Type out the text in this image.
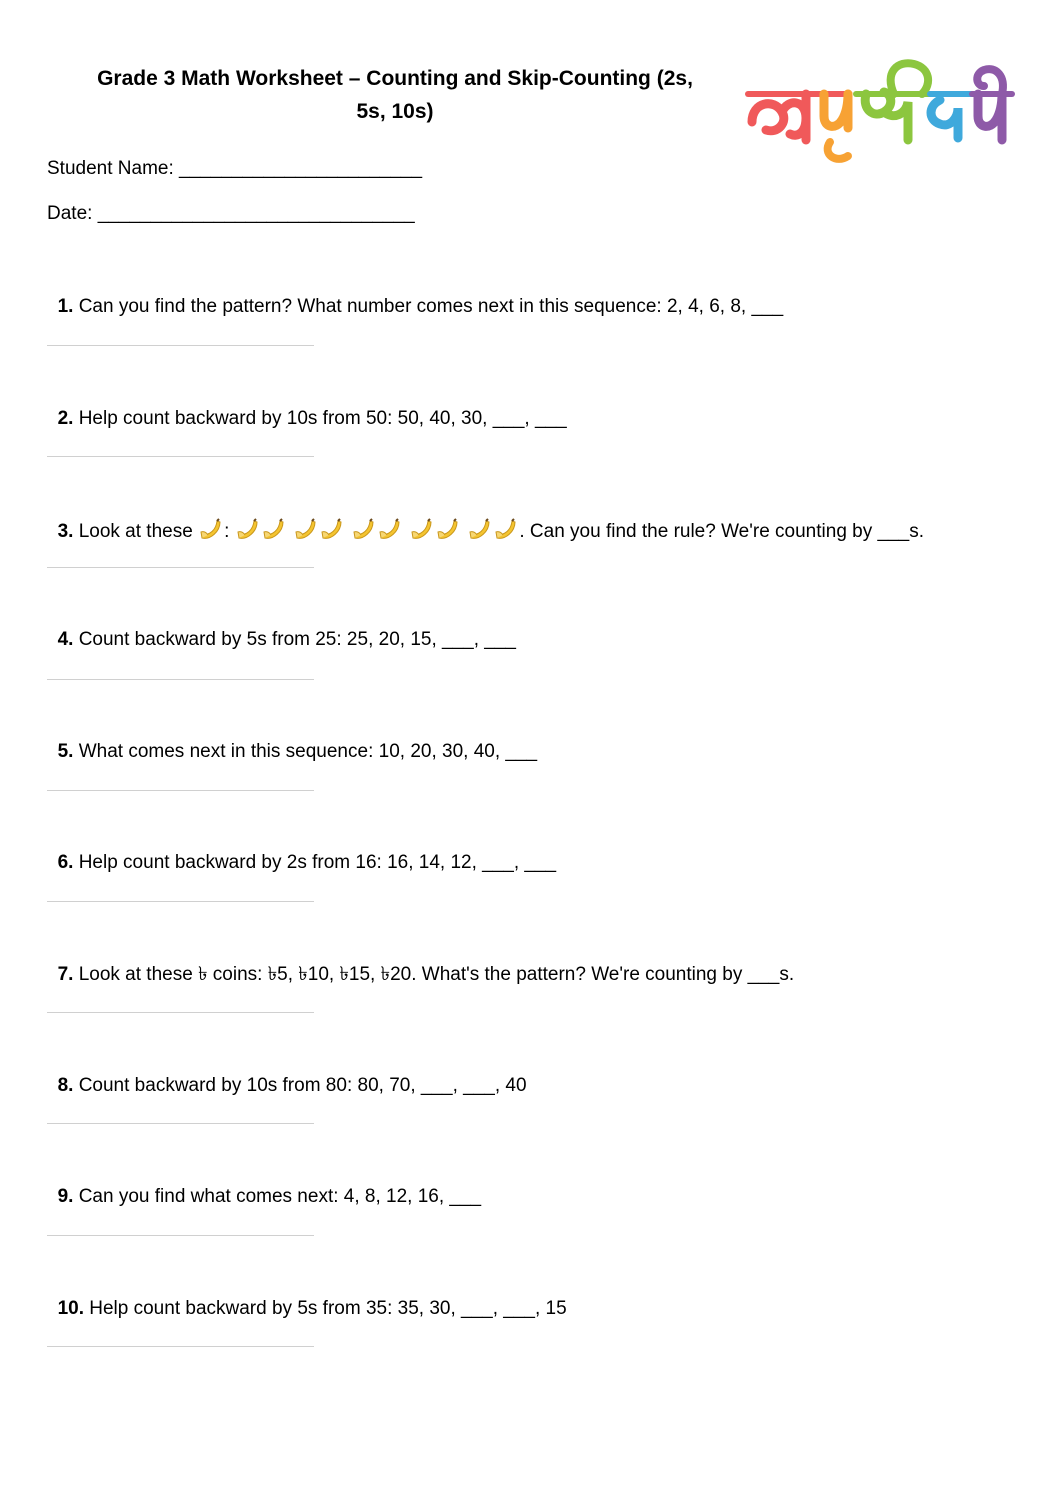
Grade 3 Math Worksheet – Counting and Skip-Counting (2s,
5s, 10s)
Student Name: _______________________
Date: ______________________________

1. Can you find the pattern? What number comes next in this sequence: 2, 4, 6, 8, ___

2. Help count backward by 10s from 50: 50, 40, 30, ___, ___

3. Look at these :	. Can you find the rule? We're counting by ___s.

4. Count backward by 5s from 25: 25, 20, 15, ___, ___

5. What comes next in this sequence: 10, 20, 30, 40, ___

6. Help count backward by 2s from 16: 16, 14, 12, ___, ___

7. Look at these ৳ coins: ৳5, ৳10, ৳15, ৳20. What's the pattern? We're counting by ___s.

8. Count backward by 10s from 80: 80, 70, ___, ___, 40

9. Can you find what comes next: 4, 8, 12, 16, ___

10. Help count backward by 5s from 35: 35, 30, ___, ___, 15
